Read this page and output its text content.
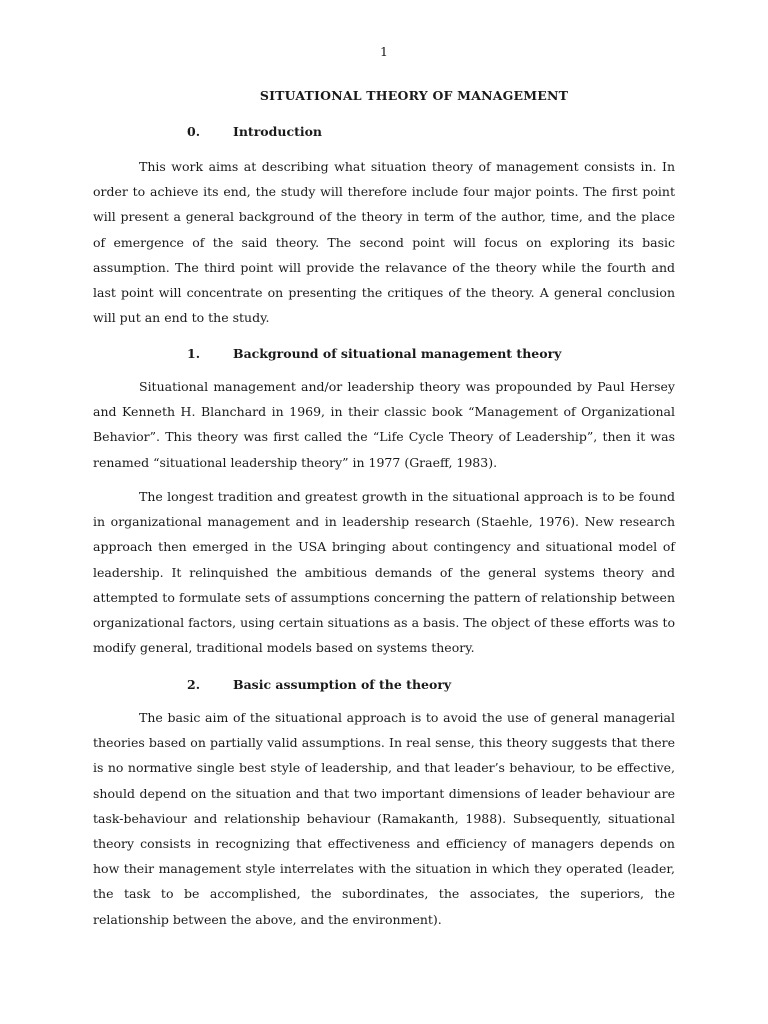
1
SITUATIONAL THEORY OF MANAGEMENT
0.	Introduction

This work aims at describing what situation theory of management consists in. In order to achieve its end, the study will therefore include four major points. The first point will present a general background of the theory in term of the author, time, and the place of emergence of the said theory. The second point will focus on exploring its basic assumption. The third point will provide the relavance of the theory while the fourth and last point will concentrate on presenting the critiques of the theory. A general conclusion will put an end to the study.

1.	Background of situational management theory

Situational management and/or leadership theory was propounded by Paul Hersey and Kenneth H. Blanchard in 1969, in their classic book “Management of Organizational Behavior”. This theory was first called the “Life Cycle Theory of Leadership”, then it was renamed “situational leadership theory” in 1977 (Graeff, 1983).

The longest tradition and greatest growth in the situational approach is to be found in organizational management and in leadership research (Staehle, 1976). New research approach then emerged in the USA bringing about contingency and situational model of leadership. It relinquished the ambitious demands of the general systems theory and attempted to formulate sets of assumptions concerning the pattern of relationship between organizational factors, using certain situations as a basis. The object of these efforts was to modify general, traditional models based on systems theory.

2.	Basic assumption of the theory

The basic aim of the situational approach is to avoid the use of general managerial theories based on partially valid assumptions. In real sense, this theory suggests that there is no normative single best style of leadership, and that leader’s behaviour, to be effective, should depend on the situation and that two important dimensions of leader behaviour are task-behaviour and relationship behaviour (Ramakanth, 1988). Subsequently, situational theory consists in recognizing that effectiveness and efficiency of managers depends on how their management style interrelates with the situation in which they operated (leader, the task to be accomplished, the subordinates, the associates, the superiors, the relationship between the above, and the environment).
